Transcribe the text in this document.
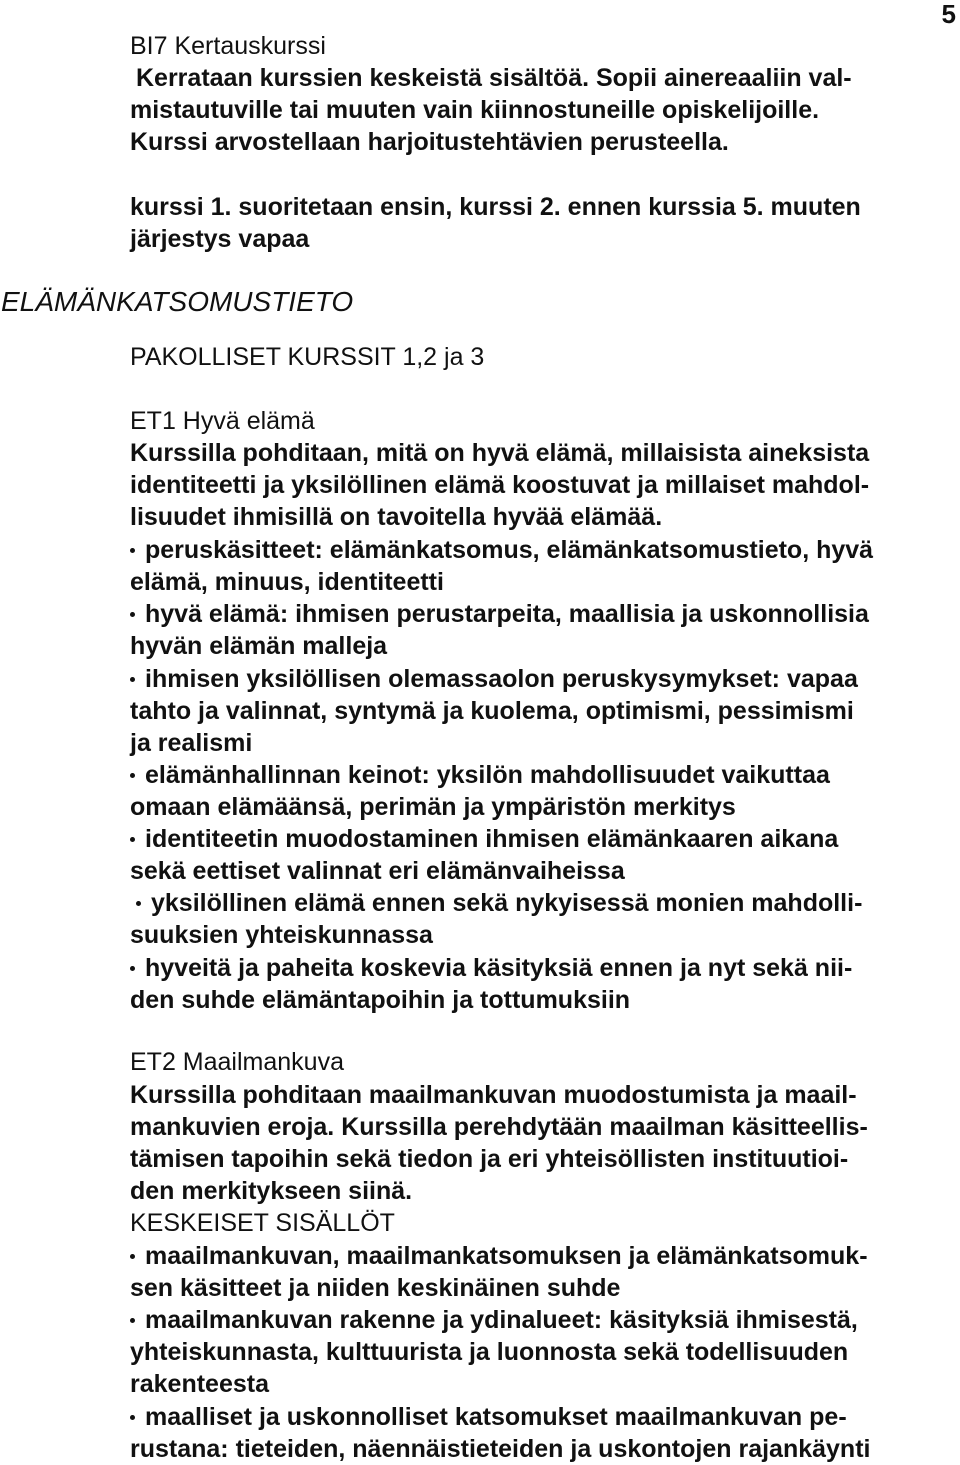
5
BI7 Kertauskurssi
Kerrataan kurssien keskeistä sisältöä. Sopii ainereaaliin val-
mistautuville tai muuten vain kiinnostuneille opiskelijoille.
Kurssi arvostellaan harjoitustehtävien perusteella.
kurssi 1. suoritetaan ensin, kurssi 2. ennen kurssia 5. muuten
järjestys vapaa
ELÄMÄNKATSOMUSTIETO
PAKOLLISET KURSSIT 1,2 ja 3
ET1 Hyvä elämä
Kurssilla pohditaan, mitä on hyvä elämä, millaisista aineksista
identiteetti ja yksilöllinen elämä koostuvat ja millaiset mahdol-
lisuudet ihmisillä on tavoitella hyvää elämää.
peruskäsitteet: elämänkatsomus, elämänkatsomustieto, hyvä
elämä, minuus, identiteetti
hyvä elämä: ihmisen perustarpeita, maallisia ja uskonnollisia
hyvän elämän malleja
ihmisen yksilöllisen olemassaolon peruskysymykset: vapaa
tahto ja valinnat, syntymä ja kuolema, optimismi, pessimismi
ja realismi
elämänhallinnan keinot: yksilön mahdollisuudet vaikuttaa
omaan elämäänsä, perimän ja ympäristön merkitys
identiteetin muodostaminen ihmisen elämänkaaren aikana
sekä eettiset valinnat eri elämänvaiheissa
yksilöllinen elämä ennen sekä nykyisessä monien mahdolli-
suuksien yhteiskunnassa
hyveitä ja paheita koskevia käsityksiä ennen ja nyt sekä nii-
den suhde elämäntapoihin ja tottumuksiin
ET2 Maailmankuva
Kurssilla pohditaan maailmankuvan muodostumista ja maail-
mankuvien eroja. Kurssilla perehdytään maailman käsitteellis-
tämisen tapoihin sekä tiedon ja eri yhteisöllisten instituutioi-
den merkitykseen siinä.
KESKEISET SISÄLLÖT
maailmankuvan, maailmankatsomuksen ja elämänkatsomuk-
sen käsitteet ja niiden keskinäinen suhde
maailmankuvan rakenne ja ydinalueet: käsityksiä ihmisestä,
yhteiskunnasta, kulttuurista ja luonnosta sekä todellisuuden
rakenteesta
maalliset ja uskonnolliset katsomukset maailmankuvan pe-
rustana: tieteiden, näennäistieteiden ja uskontojen rajankäynti
